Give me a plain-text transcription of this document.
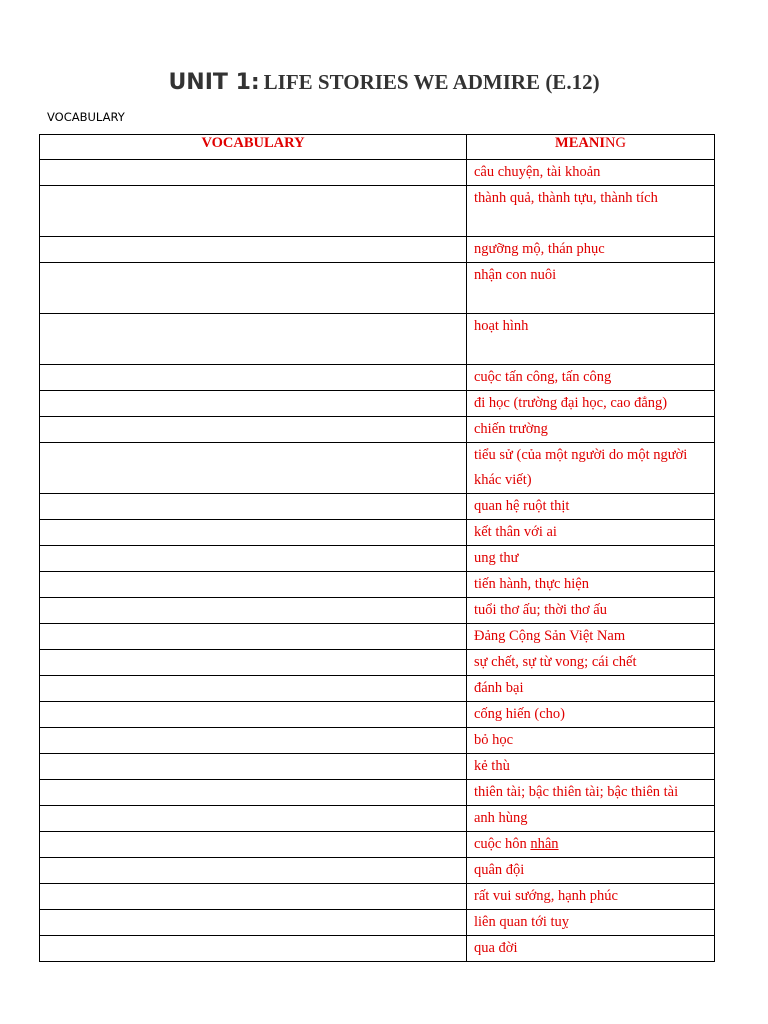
UNIT 1: LIFE STORIES WE ADMIRE (E.12)
VOCABULARY
VOCABULARY	MEANING
	câu chuyện, tài khoản
	thành quả, thành tựu, thành tích
	ngưỡng mộ, thán phục
	nhận con nuôi
	hoạt hình
	cuộc tấn công, tấn công
	đi học (trường đại học, cao đẳng)
	chiến trường
	tiểu sử (của một người do một người khác viết)
	quan hệ ruột thịt
	kết thân với ai
	ung thư
	tiến hành, thực hiện
	tuổi thơ ấu; thời thơ ấu
	Đảng Cộng Sản Việt Nam
	sự chết, sự từ vong; cái chết
	đánh bại
	cống hiến (cho)
	bỏ học
	kẻ thù
	thiên tài; bậc thiên tài; bậc thiên tài
	anh hùng
	cuộc hôn nhân
	quân đội
	rất vui sướng, hạnh phúc
	liên quan tới tuỵ
	qua đời
